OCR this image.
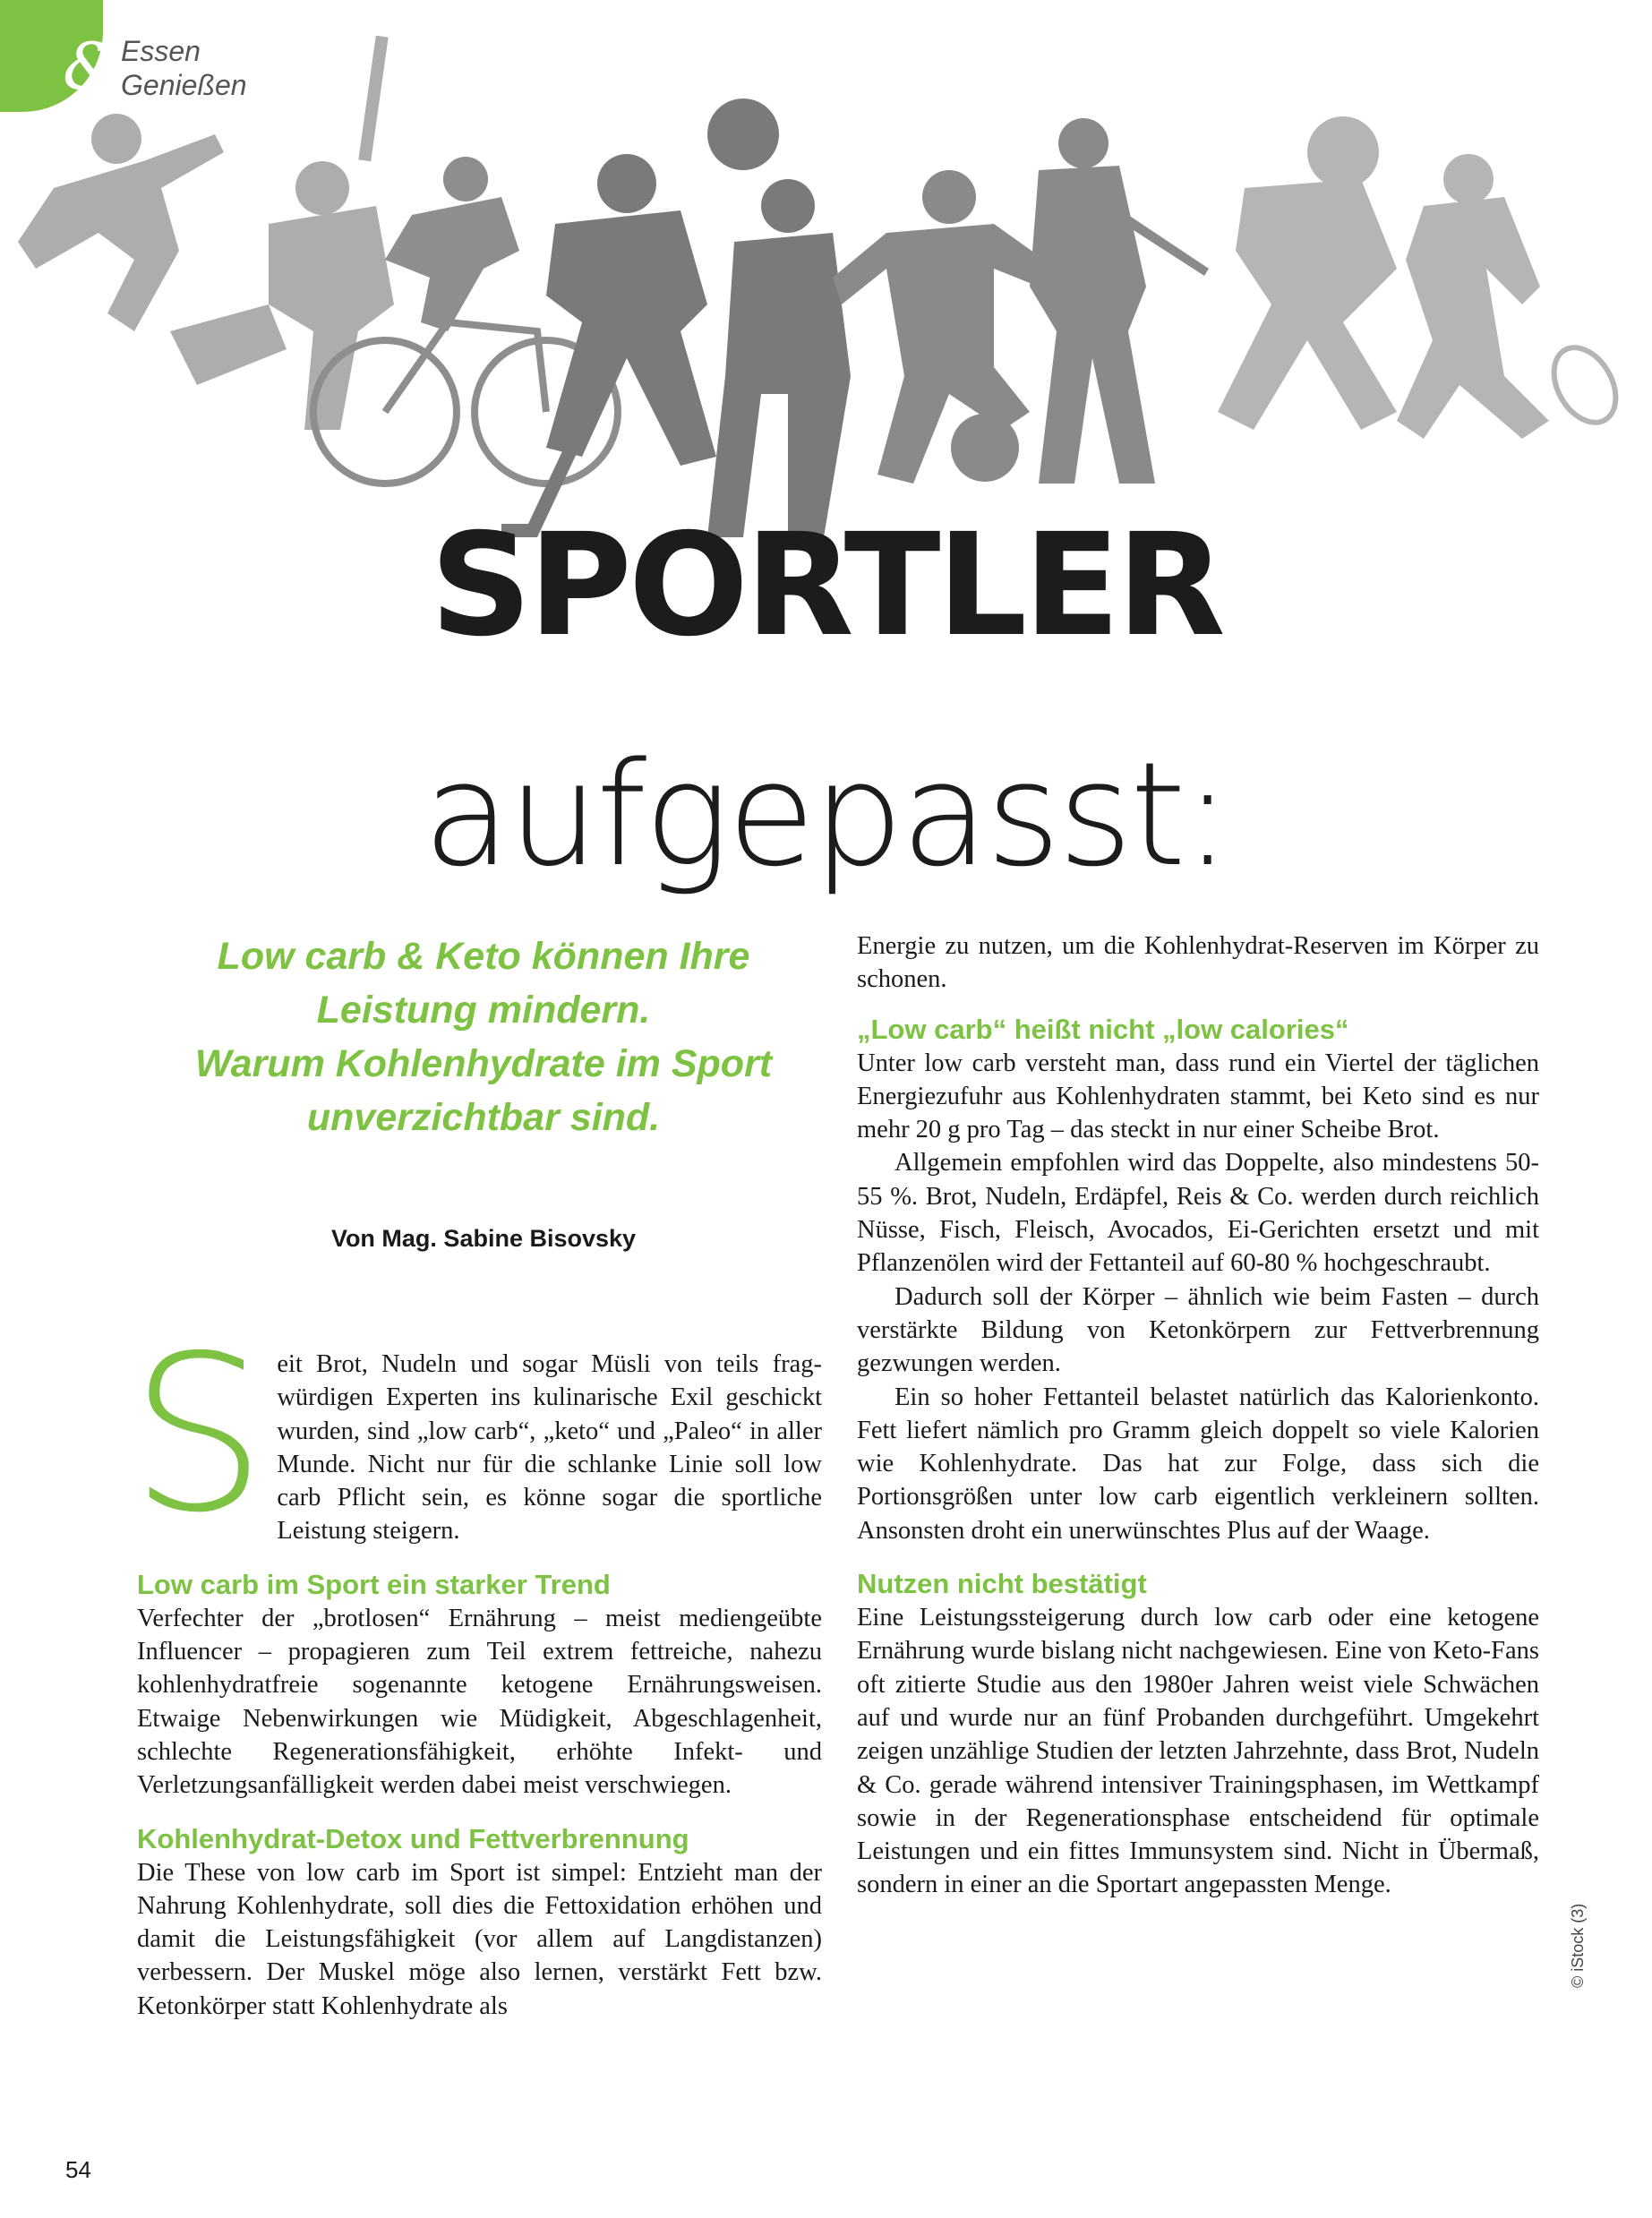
& Essen
Genießen
SPORTLER
aufgepasst:
Low carb & Keto können Ihre
Leistung mindern.
Warum Kohlenhydrate im Sport
unverzichtbar sind.
Von Mag. Sabine Bisovsky
S eit Brot, Nudeln und sogar Müsli von teils fragwürdigen Experten ins kulinarische Exil geschickt wurden, sind „low carb“, „keto“ und „Paleo“ in aller Munde. Nicht nur für die schlanke Linie soll low carb Pflicht sein, es könne sogar die sportliche Leistung steigern.

Low carb im Sport ein starker Trend

Verfechter der „brotlosen“ Ernährung – meist mediengeübte Influencer – propagieren zum Teil extrem fettreiche, nahezu kohlenhydratfreie sogenannte ketogene Ernährungsweisen. Etwaige Nebenwirkungen wie Müdigkeit, Abgeschlagenheit, schlechte Regenerationsfähigkeit, erhöhte Infekt- und Verletzungsanfälligkeit werden dabei meist verschwiegen.

Kohlenhydrat-Detox und Fettverbrennung

Die These von low carb im Sport ist simpel: Entzieht man der Nahrung Kohlenhydrate, soll dies die Fettoxidation erhöhen und damit die Leistungsfähigkeit (vor allem auf Langdistanzen) verbessern. Der Muskel möge also lernen, verstärkt Fett bzw. Ketonkörper statt Kohlenhydrate als

Energie zu nutzen, um die Kohlenhydrat-Reserven im Körper zu schonen.

„Low carb“ heißt nicht „low calories“

Unter low carb versteht man, dass rund ein Viertel der täglichen Energiezufuhr aus Kohlenhydraten stammt, bei Keto sind es nur mehr 20 g pro Tag – das steckt in nur einer Scheibe Brot.

Allgemein empfohlen wird das Doppelte, also mindestens 50-55 %. Brot, Nudeln, Erdäpfel, Reis & Co. werden durch reichlich Nüsse, Fisch, Fleisch, Avocados, Ei-Gerichten ersetzt und mit Pflanzenölen wird der Fettanteil auf 60-80 % hochgeschraubt.

Dadurch soll der Körper – ähnlich wie beim Fasten – durch verstärkte Bildung von Ketonkörpern zur Fettverbrennung gezwungen werden.

Ein so hoher Fettanteil belastet natürlich das Kalorienkonto. Fett liefert nämlich pro Gramm gleich doppelt so viele Kalorien wie Kohlenhydrate. Das hat zur Folge, dass sich die Portionsgrößen unter low carb eigentlich verkleinern sollten. Ansonsten droht ein unerwünschtes Plus auf der Waage.

Nutzen nicht bestätigt

Eine Leistungssteigerung durch low carb oder eine ketogene Ernährung wurde bislang nicht nachgewiesen. Eine von Keto-Fans oft zitierte Studie aus den 1980er Jahren weist viele Schwächen auf und wurde nur an fünf Probanden durchgeführt. Umgekehrt zeigen unzählige Studien der letzten Jahrzehnte, dass Brot, Nudeln & Co. gerade während intensiver Trainingsphasen, im Wettkampf sowie in der Regenerationsphase entscheidend für optimale Leistungen und ein fittes Immunsystem sind. Nicht in Übermaß, sondern in einer an die Sportart angepassten Menge.

© iStock (3)
54
